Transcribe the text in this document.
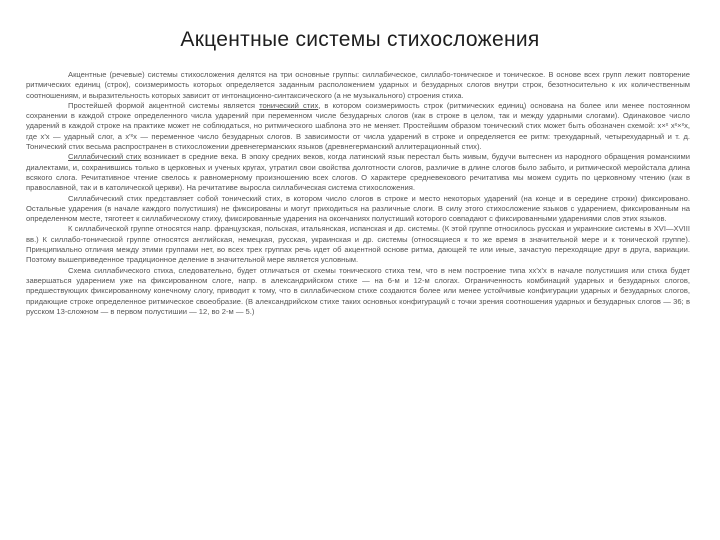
Акцентные системы стихосложения

Акцентные (речевые) системы стихосложения делятся на три основные группы: силлабическое, силлабо-тоническое и тоническое. В основе всех групп лежит повторение ритмических единиц (строк), соизмеримость которых определяется заданным расположением ударных и безударных слогов внутри строк, безотносительно к их количественным соотношениям, и выразительность которых зависит от интонационно-синтаксического (а не музыкального) строения стиха.

Простейшей формой акцентной системы является тонический стих, в котором соизмеримость строк (ритмических единиц) основана на более или менее постоянном сохранении в каждой строке определенного числа ударений при переменном числе безударных слогов (как в строке в целом, так и между ударными слогами). Одинаковое число ударений в каждой строке на практике может не соблюдаться, но ритмического шаблона это не меняет. Простейшим образом тонический стих может быть обозначен схемой: x×ˣ xˣ×ˣx, где x'x — ударный слог, а x'ˣx — переменное число безударных слогов. В зависимости от числа ударений в строке и определяется ее ритм: трехударный, четырехударный и т. д. Тонический стих весьма распространен в стихосложении древнегерманских языков (древнегерманский аллитерационный стих).

Силлабический стих возникает в средние века. В эпоху средних веков, когда латинский язык перестал быть живым, будучи вытеснен из народного обращения романскими диалектами, и, сохранившись только в церковных и ученых кругах, утратил свои свойства долготности слогов, различие в длине слогов было забыто, и ритмической меройстала длина всякого слога. Речитативное чтение свелось к равномерному произношению всех слогов. О характере средневекового речитатива мы можем судить по церковному чтению (как в православной, так и в католической церкви). На речитативе выросла силлабическая система стихосложения.

Силлабический стих представляет собой тонический стих, в котором число слогов в строке и место некоторых ударений (на конце и в середине строки) фиксировано. Остальные ударения (в начале каждого полустишия) не фиксированы и могут приходиться на различные слоги. В силу этого стихосложение языков с ударением, фиксированным на определенном месте, тяготеет к силлабическому стиху, фиксированные ударения на окончаниях полустиший которого совпадают с фиксированными ударениями слов этих языков.

К силлабической группе относятся напр. французская, польская, итальянская, испанская и др. системы. (К этой группе относилось русская и украинские системы в XVI—XVIII вв.) К силлабо-тонической группе относятся английская, немецкая, русская, украинская и др. системы (относящиеся к то же время в значительной мере и к тонической группе). Принципиально отличия между этими группами нет, во всех трех группах речь идет об акцентной основе ритма, дающей те или иные, зачастую переходящие друг в друга, вариации. Поэтому вышеприведенное традиционное деление в значительной мере является условным.

Схема силлабического стиха, следовательно, будет отличаться от схемы тонического стиха тем, что в нем построение типа xx'x'x в начале полустишия или стиха будет завершаться ударением уже на фиксированном слоге, напр. в александрийском стихе — на 6-м и 12-м слогах. Ограниченность комбинаций ударных и безударных слогов, предшествующих фиксированному конечному слогу, приводит к тому, что в силлабическом стихе создаются более или менее устойчивые конфигурации ударных и безударных слогов, придающие строке определенное ритмическое своеобразие. (В александрийском стихе таких основных конфигураций с точки зрения соотношения ударных и безударных слогов — 36; в русском 13-сложном — в первом полустишии — 12, во 2-м — 5.)
